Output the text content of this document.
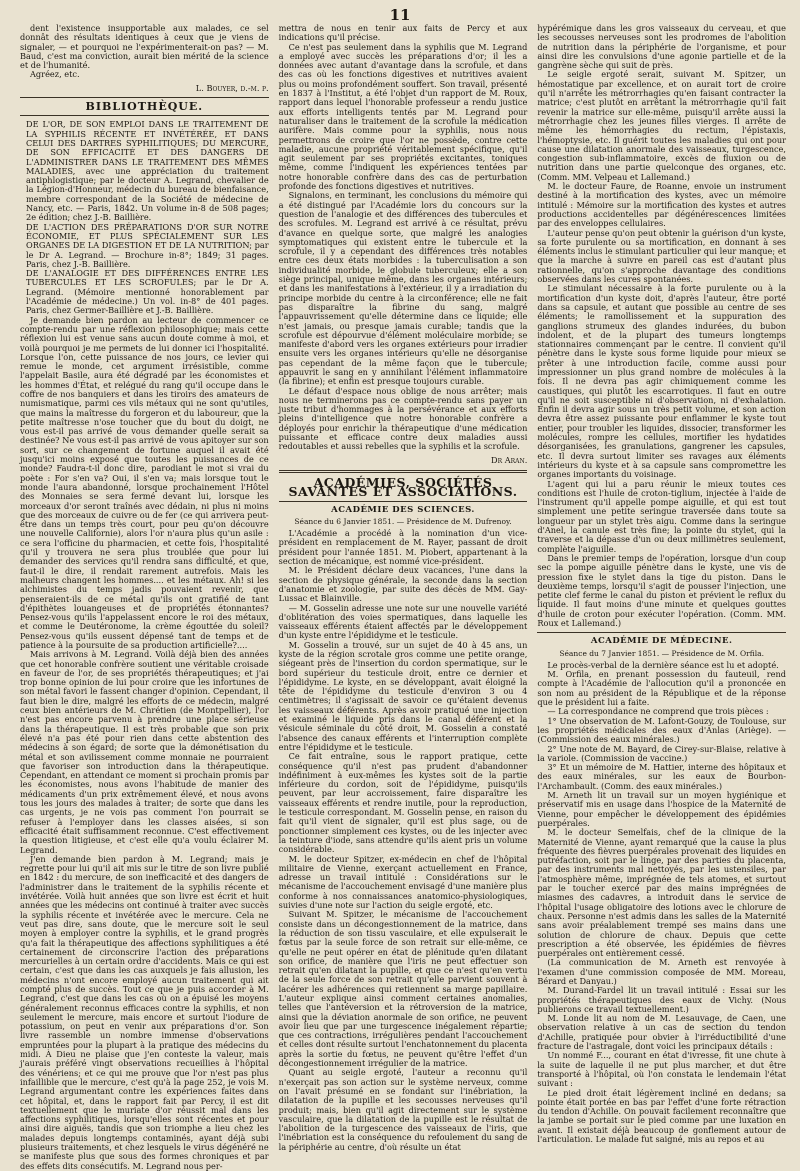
11

dent l'existence insupportable aux malades, ce sel donnât des résultats identiques à ceux que je viens de signaler, — et pourquoi ne l'expérimenterait-on pas? — M. Baud, c'est ma conviction, aurait bien mérité de la science et de l'humanité.

Agréez, etc.

L. Bouyer, d.-m. p.
BIBLIOTHÈQUE.

DE L'OR, DE SON EMPLOI DANS LE TRAITEMENT DE LA SYPHILIS RÉCENTE ET INVÉTÉRÉE, ET DANS CELUI DES DARTRES SYPHILITIQUES; DU MERCURE, DE SON EFFICACITÉ ET DES DANGERS DE L'ADMINISTRER DANS LE TRAITEMENT DES MÊMES MALADIES, avec une appréciation du traitement antiphlogistique; par le docteur A. Legrand, chevalier de la Légion-d'Honneur, médecin du bureau de bienfaisance, membre correspondant de la Société de médecine de Nancy, etc. — Paris, 1842. Un volume in-8 de 508 pages; 2e édition; chez J.-B. Baillière.

DE L'ACTION DES PRÉPARATIONS D'OR SUR NOTRE ÉCONOMIE, ET PLUS SPÉCIALEMENT SUR LES ORGANES DE LA DIGESTION ET DE LA NUTRITION; par le Dr A. Legrand. — Brochure in-8°; 1849; 31 pages. Paris, chez J.-B. Baillière.

DE L'ANALOGIE ET DES DIFFÉRENCES ENTRE LES TUBERCULES ET LES SCROFULES; par le Dr A. Legrand. (Mémoire mentionné honorablement par l'Académie de médecine.) Un vol. in-8° de 401 pages. Paris, chez Germer-Baillière et J.-B. Baillière.

Je demande bien pardon au lecteur de commencer ce compte-rendu par une réflexion philosophique; mais cette réflexion lui est venue sans aucun doute comme à moi, et voilà pourquoi je me permets de lui donner ici l'hospitalité. Lorsque l'on, cette puissance de nos jours, ce levier qui remue le monde, cet argument irrésistible, comme l'appelait Basile, aura été dégradé par les économistes et les hommes d'État, et relégué du rang qu'il occupe dans le coffre de nos banquiers et dans les tiroirs des amateurs de numismatique, parmi ces vils métaux qui ne sont qu'utiles, que mains la maîtresse du forgeron et du laboureur, que la petite maîtresse n'ose toucher que du bout du doigt, ne vous est-il pas arrivé de vous demander quelle serait sa destinée? Ne vous est-il pas arrivé de vous apitoyer sur son sort, sur ce changement de fortune auquel il avait été jusqu'ici moins exposé que toutes les puissances de ce monde? Faudra-t-il donc dire, parodiant le mot si vrai du poète : For s'en va? Oui, il s'en va; mais lorsque tout le monde l'aura abandonné, lorsque prochainement l'Hôtel des Monnaies se sera fermé devant lui, lorsque les morceaux d'or seront traînés avec dédain, ni plus ni moins que des morceaux de cuivre ou de fer (ce qui arrivera peut-être dans un temps très court, pour peu qu'on découvre une nouvelle Californie), alors l'or n'aura plus qu'un asile : ce sera l'officine du pharmacien, et cette fois, l'hospitalité qu'il y trouvera ne sera plus troublée que pour lui demander des services qu'il rendra sans difficulté, et que, faut-il le dire, il rendait rarement autrefois. Mais les malheurs changent les hommes.... et les métaux. Ah! si les alchimistes du temps jadis pouvaient revenir, que penseraient-ils de ce métal qu'ils ont gratifié de tant d'épithètes louangeuses et de propriétés étonnantes? Pensez-vous qu'ils l'appelassent encore le roi des métaux, et comme le Deutéronome, la crème égouttée du soleil? Pensez-vous qu'ils eussent dépensé tant de temps et de patience à la poursuite de sa production artificielle?....

Mais arrivons à M. Legrand. Voilà déjà bien des années que cet honorable confrère soutient une véritable croisade en faveur de l'or, de ses propriétés thérapeutiques; et j'ai trop bonne opinion de lui pour croire que les infortunes de son métal favori le fassent changer d'opinion. Cependant, il faut bien le dire, malgré les efforts de ce médecin, malgré ceux bien antérieurs de M. Chrétien (de Montpellier), l'or n'est pas encore parvenu à prendre une place sérieuse dans la thérapeutique. Il est très probable que son prix élevé n'a pas été pour rien dans cette abstention des médecins à son égard; de sorte que la démonétisation du métal et son avilissement comme monnaie ne pourraient que favoriser son introduction dans la thérapeutique. Cependant, en attendant ce moment si prochain promis par les économistes, nous avons l'habitude de manier des médicaments d'un prix extrêmement élevé, et nous avons tous les jours des malades à traiter; de sorte que dans les cas urgents, je ne vois pas comment l'on pourrait se refuser à l'employer dans les classes aisées, si son efficacité était suffisamment reconnue. C'est effectivement la question litigieuse, et c'est elle qu'a voulu éclairer M. Legrand.

J'en demande bien pardon à M. Legrand; mais je regrette pour lui qu'il ait mis sur le titre de son livre publié en 1842 : du mercure, de son inefficacité et des dangers de l'administrer dans le traitement de la syphilis récente et invétérée. Voilà huit années que son livre est écrit et huit années que les médecins ont continué à traiter avec succès la syphilis récente et invétérée avec le mercure. Cela ne veut pas dire, sans doute, que le mercure soit le seul moyen à employer contre la syphilis, et le grand progrès qu'a fait la thérapeutique des affections syphilitiques a été certainement de circonscrire l'action des préparations mercurielles à un certain ordre d'accidents. Mais ce qui est certain, c'est que dans les cas auxquels je fais allusion, les médecins n'ont encore employé aucun traitement qui ait compté plus de succès. Tout ce que je puis accorder à M. Legrand, c'est que dans les cas où on a épuisé les moyens généralement reconnus efficaces contre la syphilis, et non seulement le mercure, mais encore et surtout l'iodure de potassium, on peut en venir aux préparations d'or. Son livre rassemble un nombre immense d'observations empruntées pour la plupart à la pratique des médecins du midi. À Dieu ne plaise que j'en conteste la valeur, mais j'aurais préféré vingt observations recueillies à l'hôpital des vénériens; et ce qui me prouve que l'or n'est pas plus infaillible que le mercure, c'est qu'à la page 252, je vois M. Legrand argumentant contre les expériences faites dans cet hôpital, et, dans le rapport fait par Percy, il est dit textuellement que le muriate d'or réussit mal dans les affections syphilitiques, lorsqu'elles sont récentes et pour ainsi dire aiguës, tandis que son triomphe a lieu chez les malades depuis longtemps contaminés, ayant déjà subi plusieurs traitements, et chez lesquels le virus dégénéré ne se manifeste plus que sous des formes chroniques et par des effets dits consécutifs. M. Legrand nous per-

mettra de nous en tenir aux faits de Percy et aux indications qu'il précise.

Ce n'est pas seulement dans la syphilis que M. Legrand a employé avec succès les préparations d'or; il les a données avec autant d'avantage dans la scrofule, et dans des cas où les fonctions digestives et nutritives avaient plus ou moins profondément souffert. Son travail, présenté en 1837 à l'Institut, a été l'objet d'un rapport de M. Roux, rapport dans lequel l'honorable professeur a rendu justice aux efforts intelligents tentés par M. Legrand pour naturaliser dans le traitement de la scrofule la médication aurifère. Mais comme pour la syphilis, nous nous permettrons de croire que l'or ne possède, contre cette maladie, aucune propriété véritablement spécifique, qu'il agit seulement par ses propriétés excitantes, toniques même, comme l'indiquent les expériences tentées par notre honorable confrère dans des cas de perturbation profonde des fonctions digestives et nutritives.

Signalons, en terminant, les conclusions du mémoire qui a été distingué par l'Académie lors du concours sur la question de l'analogie et des différences des tubercules et des scrofules. M. Legrand est arrivé à ce résultat, prévu d'avance en quelque sorte, que malgré les analogies symptomatiques qui existent entre le tubercule et la scrofule, il y a cependant des différences très notables entre ces deux états morbides : la tuberculisation a son individualité morbide, le globule tuberculeux; elle a son siège principal, unique même, dans les organes intérieurs; et dans les manifestations à l'extérieur, il y a irradiation du principe morbide du centre à la circonférence; elle ne fait pas disparaître la fibrine du sang, malgré l'appauvrissement qu'elle détermine dans ce liquide; elle n'est jamais, ou presque jamais curable; tandis que la scrofule est dépourvue d'élément moléculaire morbide; se manifeste d'abord vers les organes extérieurs pour irradier ensuite vers les organes intérieurs qu'elle ne désorganise pas cependant de la même façon que le tubercule; appauvrit le sang en y annihilant l'élément inflammatoire (la fibrine); et enfin est presque toujours curable.

Le défaut d'espace nous oblige de nous arrêter; mais nous ne terminerons pas ce compte-rendu sans payer un juste tribut d'hommages à la persévérance et aux efforts pleins d'intelligence que notre honorable confrère a déployés pour enrichir la thérapeutique d'une médication puissante et efficace contre deux maladies aussi redoutables et aussi rebelles que la syphilis et la scrofule.

Dr Aran.
ACADÉMIES, SOCIÉTÉS SAVANTES ET ASSOCIATIONS.
ACADÉMIE DES SCIENCES.
Séance du 6 Janvier 1851. — Présidence de M. Dufrenoy.

L'Académie a procédé à la nomination d'un vice-président en remplacement de M. Rayer, passant de droit président pour l'année 1851. M. Piobert, appartenant à la section de mécanique, est nommé vice-président.

M. le Président déclare deux vacances, l'une dans la section de physique générale, la seconde dans la section d'anatomie et zoologie, par suite des décès de MM. Gay-Lussac et Blainville.

— M. Gosselin adresse une note sur une nouvelle variété d'oblitération des voies spermatiques, dans laquelle les vaisseaux efférents étaient affectés par le développement d'un kyste entre l'épididyme et le testicule.

M. Gosselin a trouvé, sur un sujet de 40 à 45 ans, un kyste de la région scrotale gros comme une petite orange, siégeant près de l'insertion du cordon spermatique, sur le bord supérieur du testicule droit, entre ce dernier et l'épididyme. Le kyste, en se développant, avait éloigné la tête de l'épididyme du testicule d'environ 3 ou 4 centimètres; il s'agissait de savoir ce qu'étaient devenus les vaisseaux déférents. Après avoir pratiqué une injection et examiné le liquide pris dans le canal déférent et la vésicule séminale du côté droit, M. Gosselin a constaté l'absence des canaux efférents et l'interruption complète entre l'épididyme et le testicule.

Ce fait entraîne, sous le rapport pratique, cette conséquence qu'il n'est pas prudent d'abandonner indéfiniment à eux-mêmes les kystes soit de la partie inférieure du cordon, soit de l'épididyme, puisqu'ils peuvent, par leur accroissement, faire disparaître les vaisseaux efférents et rendre inutile, pour la reproduction, le testicule correspondant. M. Gosselin pense, en raison du fait qu'il vient de signaler, qu'il est plus sage, ou de ponctionner simplement ces kystes, ou de les injecter avec la teinture d'iode, sans attendre qu'ils aient pris un volume considérable.

M. le docteur Spitzer, ex-médecin en chef de l'hôpital militaire de Vienne, exerçant actuellement en France, adresse un travail intitulé : Considérations sur le mécanisme de l'accouchement envisagé d'une manière plus conforme à nos connaissances anatomico-physiologiques, suivies d'une note sur l'action du seigle ergoté, etc.

Suivant M. Spitzer, le mécanisme de l'accouchement consiste dans un décongestionnement de la matrice, dans la réduction de son tissu vasculaire, et elle expulserait le fœtus par la seule force de son retrait sur elle-même, ce qu'elle ne peut opérer en état de plénitude qu'en dilatant son orifice, de manière que l'iris ne peut effectuer son retrait qu'en dilatant la pupille, et que ce n'est qu'en vertu de la seule force de son retrait qu'elle parvient souvent à lacérer les adhérences qui retiennent sa marge papillaire. L'auteur explique ainsi comment certaines anomalies, telles que l'antéversion et la rétroversion de la matrice, ainsi que la déviation anormale de son orifice, ne peuvent avoir lieu que par une turgescence inégalement répartie; que ces contractions, irrégulières pendant l'accouchement et celles dont résulte surtout l'enchatonnement du placenta après la sortie du fœtus, ne peuvent qu'être l'effet d'un décongestionnement irrégulier de la matrice.

Quant au seigle ergoté, l'auteur a reconnu qu'il n'exerçait pas son action sur le système nerveux, comme on l'avait présumé en se fondant sur l'inébriation, la dilatation de la pupille et les secousses nerveuses qu'il produit; mais, bien qu'il agit directement sur le système vasculaire, que la dilatation de la pupille est le résultat de l'abolition de la turgescence des vaisseaux de l'iris, que l'inébriation est la conséquence du refoulement du sang de la périphérie au centre, d'où résulte un état

hypérémique dans les gros vaisseaux du cerveau, et que les secousses nerveuses sont les prodromes de l'abolition de nutrition dans la périphérie de l'organisme, et pour ainsi dire les convulsions d'une agonie partielle et de la gangrène sèche qui suit de près.

Le seigle ergoté serait, suivant M. Spitzer, un hémostatique par excellence, et on aurait tort de croire qu'il n'arrête les métrorrhagies qu'en faisant contracter la matrice; c'est plutôt en arrêtant la métrorrhagie qu'il fait revenir la matrice sur elle-même, puisqu'il arrête aussi la métrorrhagie chez les jeunes filles vierges. Il arrête de même les hémorrhagies du rectum, l'épistaxis, l'hémoptysie, etc. Il guérit toutes les maladies qui ont pour cause une dilatation anormale des vaisseaux, turgescence, congestion sub-inflammatoire, excès de fluxion ou de nutrition dans une partie quelconque des organes, etc. (Comm. MM. Velpeau et Lallemand.)

M. le docteur Faure, de Roanne, envoie un instrument destiné à la mortification des kystes, avec un mémoire intitulé : Mémoire sur la mortification des kystes et autres productions accidentelles par dégénérescences limitées par des enveloppes cellulaires.

L'auteur pense qu'on peut obtenir la guérison d'un kyste, sa forte purulente ou sa mortification, en donnant à ses éléments inclus le stimulant particulier qui leur manque; et que la marche à suivre en pareil cas est d'autant plus rationnelle, qu'on s'approche davantage des conditions observées dans les cures spontanées.

Le stimulant nécessaire à la forte purulente ou à la mortification d'un kyste doit, d'après l'auteur, être porté dans sa capsule, et autant que possible au centre de ses éléments; le ramollissement et la suppuration des ganglions strumeux des glandes indurées, du bubon indolent, et de la plupart des tumeurs longtemps stationnaires commençant par le centre. Il convient qu'il pénètre dans le kyste sous forme liquide pour mieux se prêter à une introduction facile, comme aussi pour impressionner un plus grand nombre de molécules à la fois. Il ne devra pas agir chimiquement comme les caustiques, qui plutôt les escarrotiques. Il faut en outre qu'il ne soit susceptible ni d'observation, ni d'exhalation. Enfin il devra agir sous un très petit volume, et son action devra être assez puissante pour enflammer le kyste tout entier, pour troubler les liquides, dissocier, transformer les molécules, rompre les cellules, mortifier les hydatides désorganisées, les granulations, gangrener les capsules, etc. Il devra surtout limiter ses ravages aux éléments intérieurs du kyste et à sa capsule sans compromettre les organes importants du voisinage.

L'agent qui lui a paru réunir le mieux toutes ces conditions est l'huile de croton-tiglium, injectée à l'aide de l'instrument qu'il appelle pompe aiguille, et qui est tout simplement une petite seringue traversée dans toute sa longueur par un stylet très aigu. Comme dans la seringue d'Anel, la canule est très fine; la pointe du stylet, qui la traverse et la dépasse d'un ou deux millimètres seulement, complète l'aiguille.

Dans le premier temps de l'opération, lorsque d'un coup sec la pompe aiguille pénètre dans le kyste, une vis de pression fixe le stylet dans la tige du piston. Dans le deuxième temps, lorsqu'il s'agit de pousser l'injection, une petite clef ferme le canal du piston et prévient le reflux du liquide. Il faut moins d'une minute et quelques gouttes d'huile de croton pour exécuter l'opération. (Comm. MM. Roux et Lallemand.)

ACADÉMIE DE MÉDECINE.
Séance du 7 Janvier 1851. — Présidence de M. Orfila.

Le procès-verbal de la dernière séance est lu et adopté.

M. Orfila, en prenant possession du fauteuil, rend compte à l'Académie de l'allocution qu'il a prononcée en son nom au président de la République et de la réponse que le président lui a faite.

— La correspondance ne comprend que trois pièces :

1° Une observation de M. Lafont-Gouzy, de Toulouse, sur les propriétés médicales des eaux d'Anlas (Ariège). — (Commission des eaux minérales.)

2° Une note de M. Bayard, de Cirey-sur-Blaise, relative à la variole. (Commission de vaccine.)

3° Et un mémoire de M. Hattier, interne des hôpitaux et des eaux minérales, sur les eaux de Bourbon-l'Archambault. (Comm. des eaux minérales.)

M. Arneth lit un travail sur un moyen hygiénique et préservatif mis en usage dans l'hospice de la Maternité de Vienne, pour empêcher le développement des épidémies puerpérales.

M. le docteur Semelfais, chef de la clinique de la Maternité de Vienne, ayant remarqué que la cause la plus fréquente des fièvres puerpérales provenait des liquides en putréfaction, soit par le linge, par des parties du placenta, par des instruments mal nettoyés, par les ustensiles, par l'atmosphère même, imprégnée de tels atomes, et surtout par le toucher exercé par des mains imprégnées de miasmes des cadavres, a introduit dans le service de l'hôpital l'usage obligatoire des lotions avec le chlorure de chaux. Personne n'est admis dans les salles de la Maternité sans avoir préalablement trempé ses mains dans une solution de chlorure de chaux. Depuis que cette prescription a été observée, les épidémies de fièvres puerpérales ont entièrement cessé.

(La communication de M. Arneth est renvoyée à l'examen d'une commission composée de MM. Moreau, Bérard et Danyau.)

M. Durand-Fardel lit un travail intitulé : Essai sur les propriétés thérapeutiques des eaux de Vichy. (Nous publierons ce travail textuellement.)

M. Londe lit au nom de M. Lesauvage, de Caen, une observation relative à un cas de section du tendon d'Achille, pratiquée pour obvier à l'irréductibilité d'une fracture de l'astragale, dont voici les principaux détails :

Un nommé F..., courant en état d'ivresse, fit une chute à la suite de laquelle il ne put plus marcher, et dut être transporté à l'hôpital, où l'on constata le lendemain l'état suivant :

Le pied droit était légèrement incliné en dedans; sa pointe était portée en bas par l'effet d'une forte rétraction du tendon d'Achille. On pouvait facilement reconnaître que la jambe se portait sur le pied comme par une luxation en avant. Il existait déjà beaucoup de gonflement autour de l'articulation. Le malade fut saigné, mis au repos et au
